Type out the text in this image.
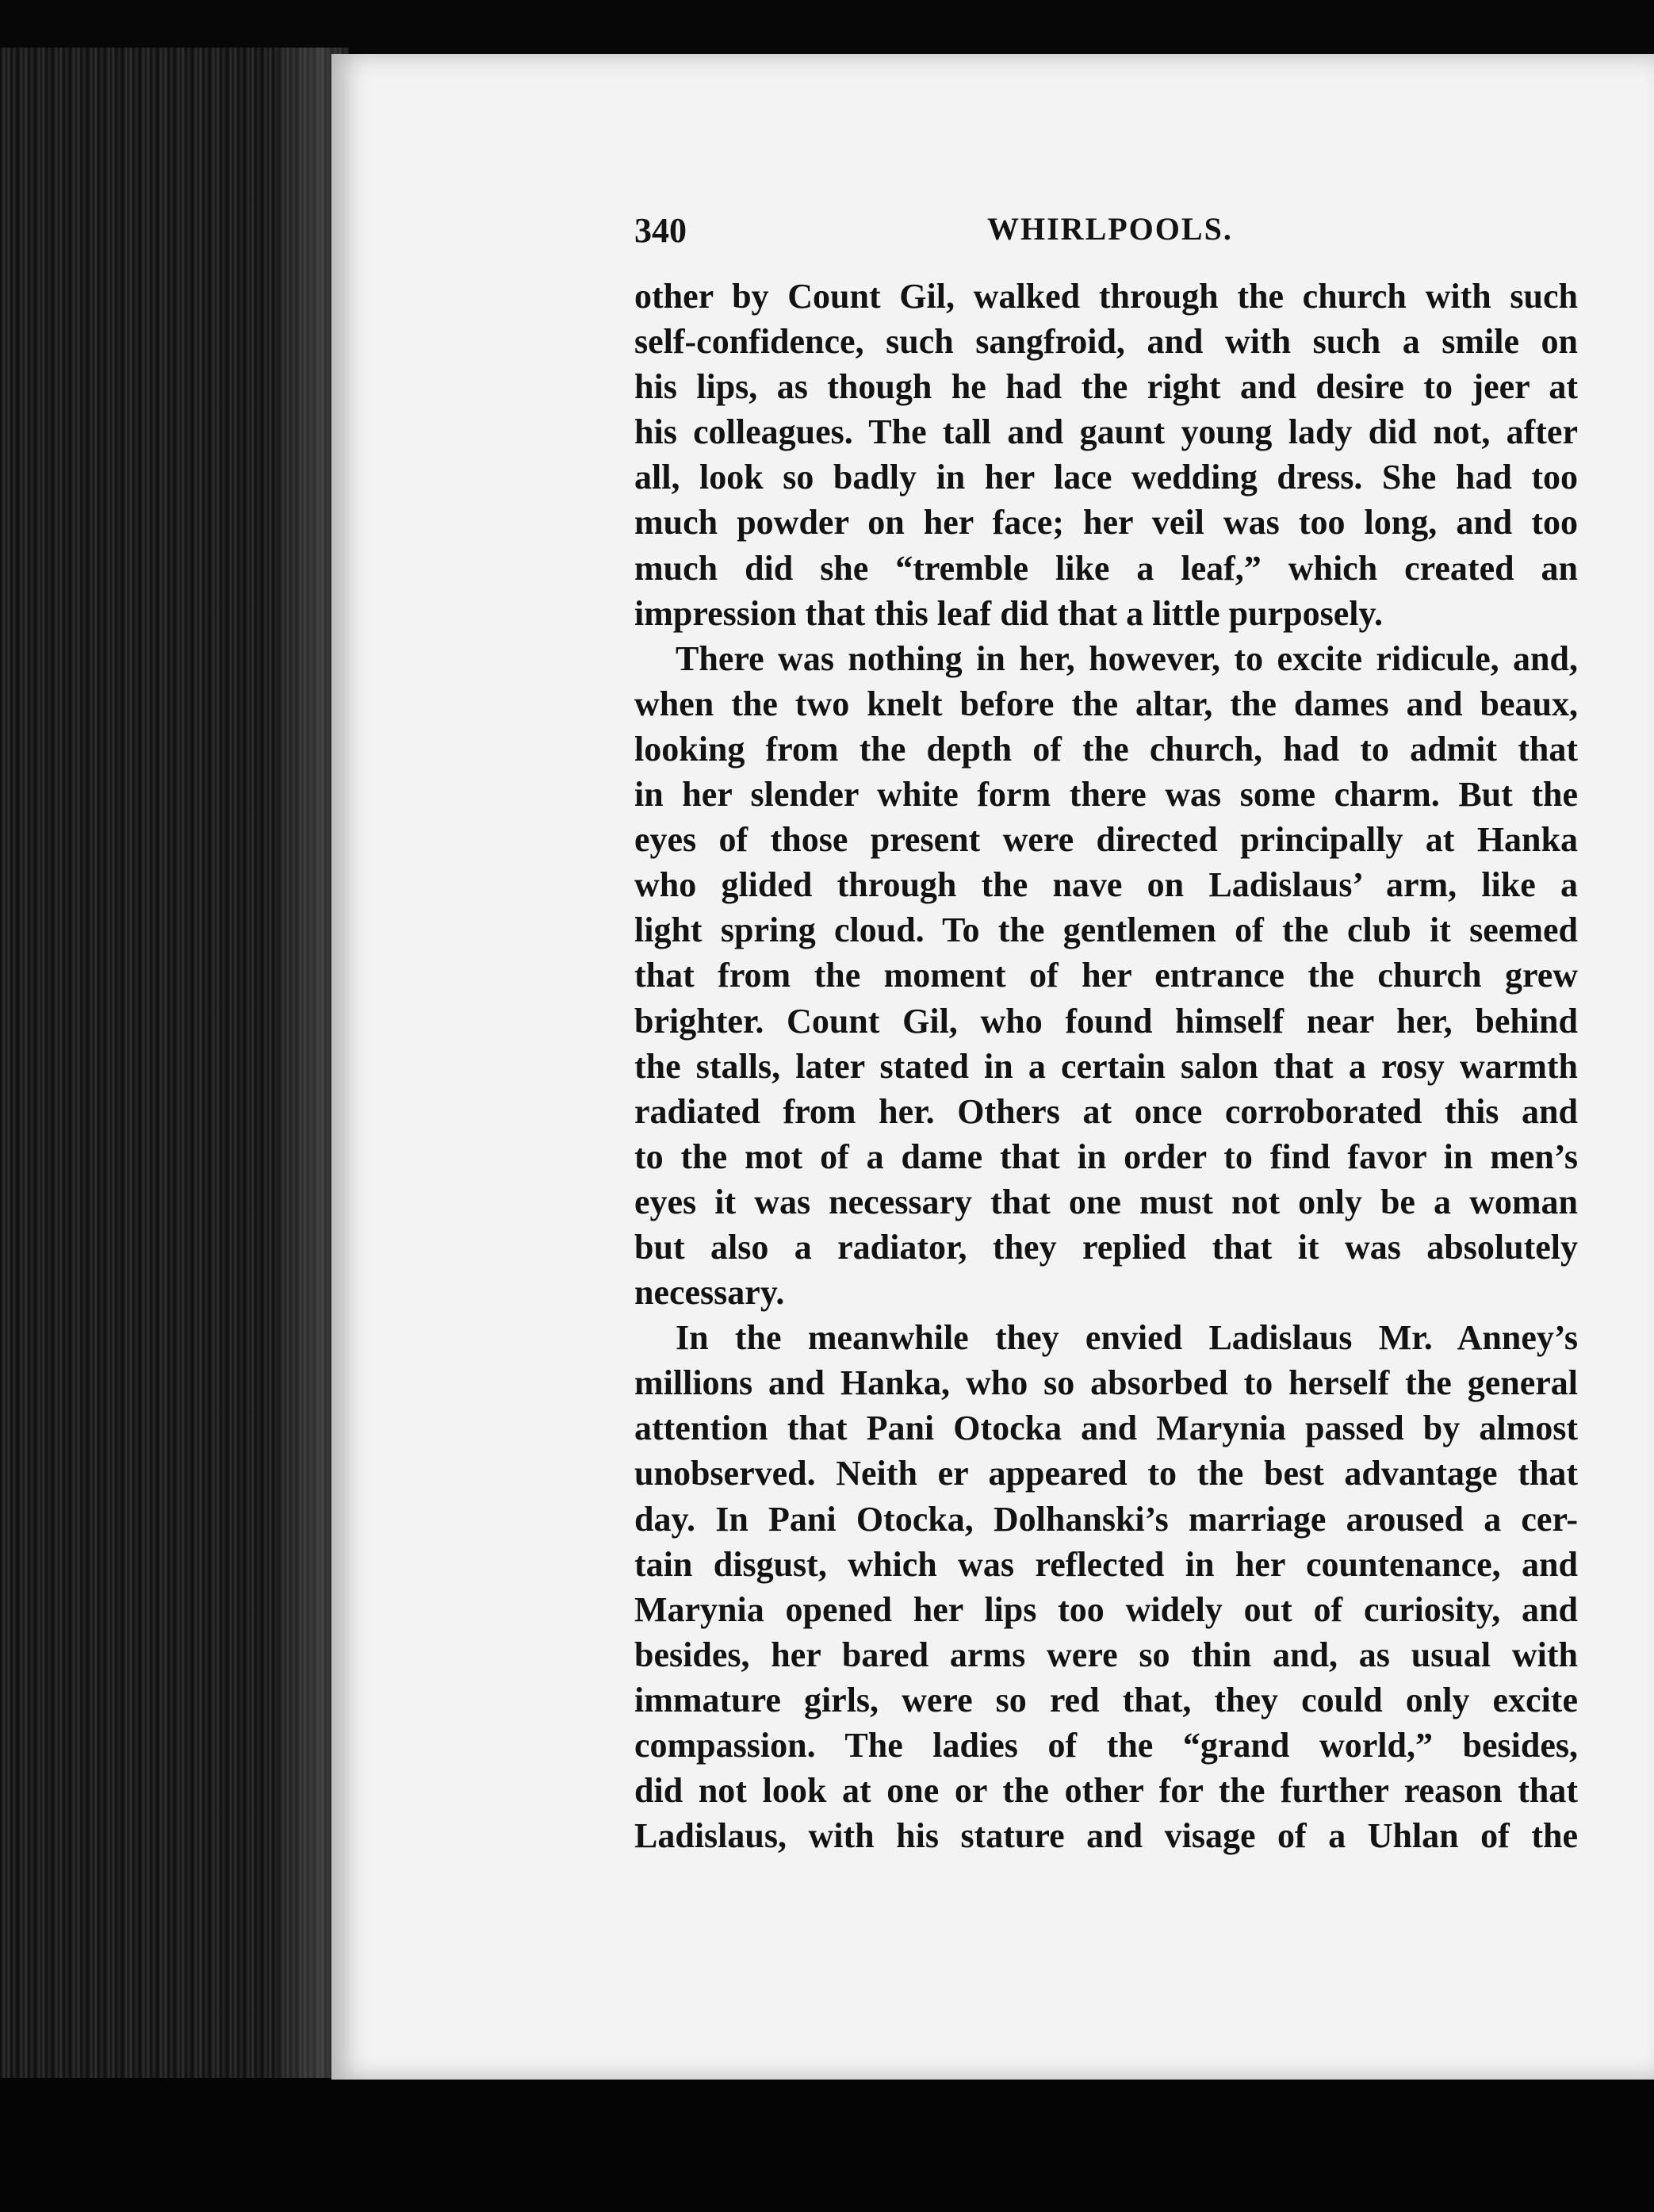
340	WHIRLPOOLS.
other by Count Gil, walked through the church with such
self-confidence, such sangfroid, and with such a smile on
his lips, as though he had the right and desire to jeer at
his colleagues. The tall and gaunt young lady did not, after
all, look so badly in her lace wedding dress. She had too
much powder on her face; her veil was too long, and too
much did she “tremble like a leaf,” which created an
impression that this leaf did that a little purposely.
There was nothing in her, however, to excite ridicule, and,
when the two knelt before the altar, the dames and beaux,
looking from the depth of the church, had to admit that
in her slender white form there was some charm. But the
eyes of those present were directed principally at Hanka
who glided through the nave on Ladislaus’ arm, like a
light spring cloud. To the gentlemen of the club it seemed
that from the moment of her entrance the church grew
brighter. Count Gil, who found himself near her, behind
the stalls, later stated in a certain salon that a rosy warmth
radiated from her. Others at once corroborated this and
to the mot of a dame that in order to find favor in men’s
eyes it was necessary that one must not only be a woman
but also a radiator, they replied that it was absolutely
necessary.
In the meanwhile they envied Ladislaus Mr. Anney’s
millions and Hanka, who so absorbed to herself the general
attention that Pani Otocka and Marynia passed by almost
unobserved. Neith er appeared to the best advantage that
day. In Pani Otocka, Dolhanski’s marriage aroused a cer-
tain disgust, which was reflected in her countenance, and
Marynia opened her lips too widely out of curiosity, and
besides, her bared arms were so thin and, as usual with
immature girls, were so red that, they could only excite
compassion. The ladies of the “grand world,” besides,
did not look at one or the other for the further reason that
Ladislaus, with his stature and visage of a Uhlan of the
